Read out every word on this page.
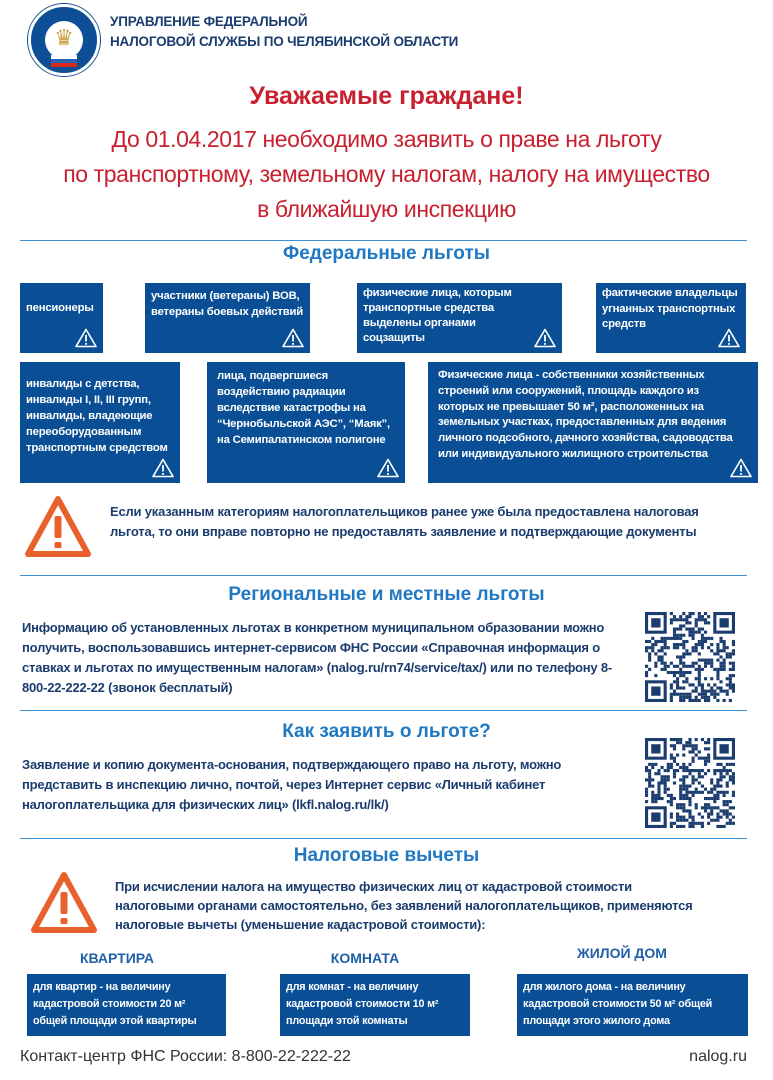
♛
УПРАВЛЕНИЕ ФЕДЕРАЛЬНОЙ
НАЛОГОВОЙ СЛУЖБЫ ПО ЧЕЛЯБИНСКОЙ ОБЛАСТИ
Уважаемые граждане!
До 01.04.2017 необходимо заявить о праве на льготу
по транспортному, земельному налогам, налогу на имущество
в ближайшую инспекцию
Федеральные льготы
пенсионеры
участники (ветераны) ВОВ, ветераны боевых действий
физические лица, которым транспортные средства выделены органами соцзащиты
фактические владельцы угнанных транспортных средств
инвалиды с детства, инвалиды I, II, III групп, инвалиды, владеющие переоборудованным транспортным средством
лица, подвергшиеся воздействию радиации вследствие катастрофы на “Чернобыльской АЭС”, “Маяк”, на Семипалатинском полигоне
Физические лица - собственники хозяйственных строений или сооружений, площадь каждого из которых не превышает 50 м², расположенных на земельных участках, предоставленных для ведения личного подсобного, дачного хозяйства, садоводства или индивидуального жилищного строительства
Если указанным категориям налогоплательщиков ранее уже была предоставлена налоговая льгота, то они вправе повторно не предоставлять заявление и подтверждающие документы
Региональные и местные льготы
Информацию об установленных льготах в конкретном муниципальном образовании можно получить, воспользовавшись интернет-сервисом ФНС России «Справочная информация о ставках и льготах по имущественным налогам» (nalog.ru/rn74/service/tax/) или по телефону 8-800-22-222-22 (звонок бесплатый)
Как заявить о льготе?
Заявление и копию документа-основания, подтверждающего право на льготу, можно представить в инспекцию лично, почтой, через Интернет сервис «Личный кабинет налогоплательщика для физических лиц» (lkfl.nalog.ru/lk/)
Налоговые вычеты
При исчислении налога на имущество физических лиц от кадастровой стоимости налоговыми органами самостоятельно, без заявлений налогоплательщиков, применяются налоговые вычеты (уменьшение кадастровой стоимости):
КВАРТИРА	КОМНАТА	ЖИЛОЙ ДОМ
для квартир - на величину кадастровой стоимости 20 м² общей площади этой квартиры
для комнат - на величину кадастровой стоимости 10 м² площади этой комнаты
для жилого дома - на величину кадастровой стоимости 50 м² общей площади этого жилого дома
Контакт-центр ФНС России: 8-800-22-222-22	nalog.ru
